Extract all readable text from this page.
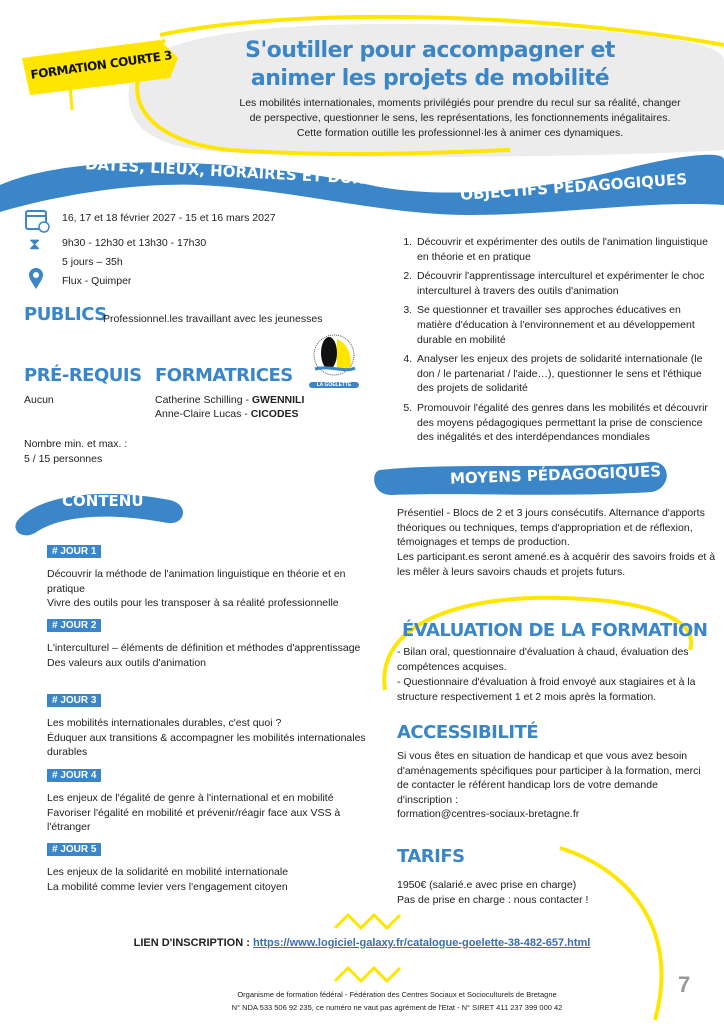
FORMATION COURTE 3	S'outiller pour accompagner et
animer les projets de mobilité
Les mobilités internationales, moments privilégiés pour prendre du recul sur sa réalité, changer
de perspective, questionner le sens, les représentations, les fonctionnements inégalitaires.
Cette formation outille les professionnel·les à animer ces dynamiques.
DATES, LIEUX, HORAIRES ET DURÉE	OBJECTIFS PÉDAGOGIQUES
16, 17 et 18 février 2027 - 15 et 16 mars 2027
⧗ 9h30 - 12h30 et 13h30 - 17h30
5 jours – 35h
Flux - Quimper
PUBLICS
Professionnel.les travaillant avec les jeunesses
LA GOELETTE
PRÉ-REQUIS FORMATRICES
Aucun	Catherine Schilling - GWENNILI
Anne-Claire Lucas - CICODES
Nombre min. et max. :
5 / 15 personnes
1. Découvrir et expérimenter des outils de l'animation linguistique en théorie et en pratique
2. Découvrir l'apprentissage interculturel et expérimenter le choc interculturel à travers des outils d'animation
3. Se questionner et travailler ses approches éducatives en matière d'éducation à l'environnement et au développement durable en mobilité
4. Analyser les enjeux des projets de solidarité internationale (le don / le partenariat / l'aide…), questionner le sens et l'éthique des projets de solidarité
5. Promouvoir l'égalité des genres dans les mobilités et découvrir des moyens pédagogiques permettant la prise de conscience des inégalités et des interdépendances mondiales
MOYENS PÉDAGOGIQUES
Présentiel - Blocs de 2 et 3 jours consécutifs. Alternance d'apports théoriques ou techniques, temps d'appropriation et de réflexion, témoignages et temps de production.
Les participant.es seront amené.es à acquérir des savoirs froids et à les mêler à leurs savoirs chauds et projets futurs.
CONTENU
# JOUR 1
Découvrir la méthode de l'animation linguistique en théorie et en pratique
Vivre des outils pour les transposer à sa réalité professionnelle
# JOUR 2
L'interculturel – éléments de définition et méthodes d'apprentissage
Des valeurs aux outils d'animation
# JOUR 3
Les mobilités internationales durables, c'est quoi ?
Éduquer aux transitions & accompagner les mobilités internationales durables
# JOUR 4
Les enjeux de l'égalité de genre à l'international et en mobilité
Favoriser l'égalité en mobilité et prévenir/réagir face aux VSS à l'étranger
# JOUR 5
Les enjeux de la solidarité en mobilité internationale
La mobilité comme levier vers l'engagement citoyen
ÉVALUATION DE LA FORMATION
- Bilan oral, questionnaire d'évaluation à chaud, évaluation des compétences acquises.
- Questionnaire d'évaluation à froid envoyé aux stagiaires et à la structure respectivement 1 et 2 mois après la formation.
ACCESSIBILITÉ
Si vous êtes en situation de handicap et que vous avez besoin d'aménagements spécifiques pour participer à la formation, merci de contacter le référent handicap lors de votre demande d'inscription :
formation@centres-sociaux-bretagne.fr
TARIFS
1950€ (salarié.e avec prise en charge)
Pas de prise en charge : nous contacter !
LIEN D'INSCRIPTION : https://www.logiciel-galaxy.fr/catalogue-goelette-38-482-657.html
Organisme de formation fédéral - Fédération des Centres Sociaux et Socioculturels de Bretagne
N° NDA 533 506 92 235, ce numéro ne vaut pas agrément de l'Etat - N° SIRET 411 237 399 000 42
7
